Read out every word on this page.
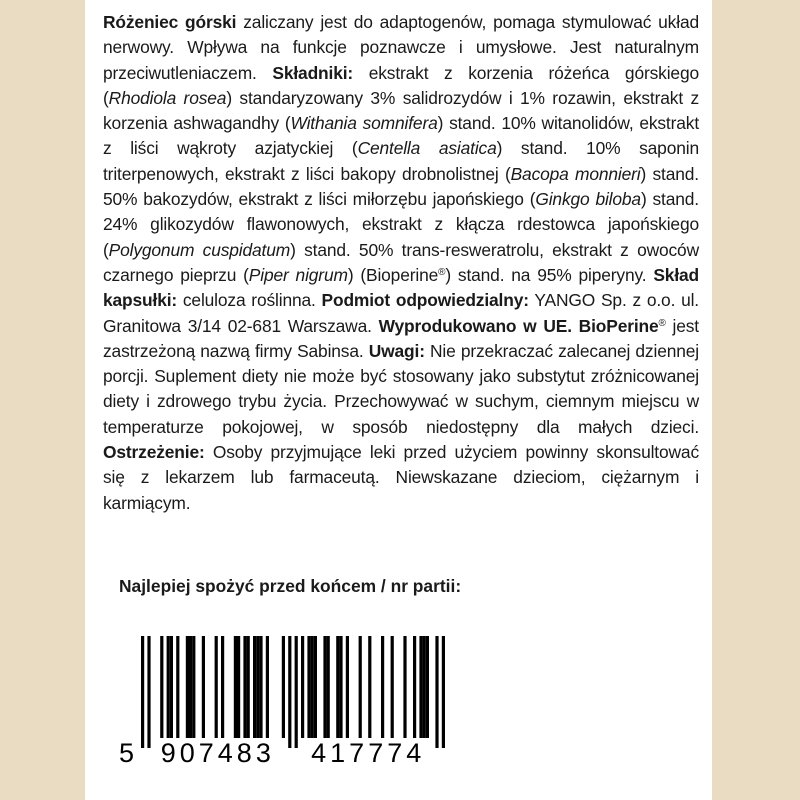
Różeniec górski zaliczany jest do adaptogenów, pomaga stymulować układ nerwowy. Wpływa na funkcje poznawcze i umysłowe. Jest naturalnym przeciwutleniaczem. Składniki: ekstrakt z korzenia różeńca górskiego (Rhodiola rosea) standaryzowany 3% salidrozydów i 1% rozawin, ekstrakt z korzenia ashwagandhy (Withania somnifera) stand. 10% witanolidów, ekstrakt z liści wąkroty azjatyckiej (Centella asiatica) stand. 10% saponin triterpenowych, ekstrakt z liści bakopy drobnolistnej (Bacopa monnieri) stand. 50% bakozydów, ekstrakt z liści miłorzębu japońskiego (Ginkgo biloba) stand. 24% glikozydów flawonowych, ekstrakt z kłącza rdestowca japońskiego (Polygonum cuspidatum) stand. 50% trans-resweratrolu, ekstrakt z owoców czarnego pieprzu (Piper nigrum) (Bioperine®) stand. na 95% piperyny. Skład kapsułki: celuloza roślinna. Podmiot odpowiedzialny: YANGO Sp. z o.o. ul. Granitowa 3/14 02-681 Warszawa. Wyprodukowano w UE. BioPerine® jest zastrzeżoną nazwą firmy Sabinsa. Uwagi: Nie przekraczać zalecanej dziennej porcji. Suplement diety nie może być stosowany jako substytut zróżnicowanej diety i zdrowego trybu życia. Przechowywać w suchym, ciemnym miejscu w temperaturze pokojowej, w sposób niedostępny dla małych dzieci. Ostrzeżenie: Osoby przyjmujące leki przed użyciem powinny skonsultować się z lekarzem lub farmaceutą. Niewskazane dzieciom, ciężarnym i karmiącym.
Najlepiej spożyć przed końcem / nr partii:
5 907483 417774
